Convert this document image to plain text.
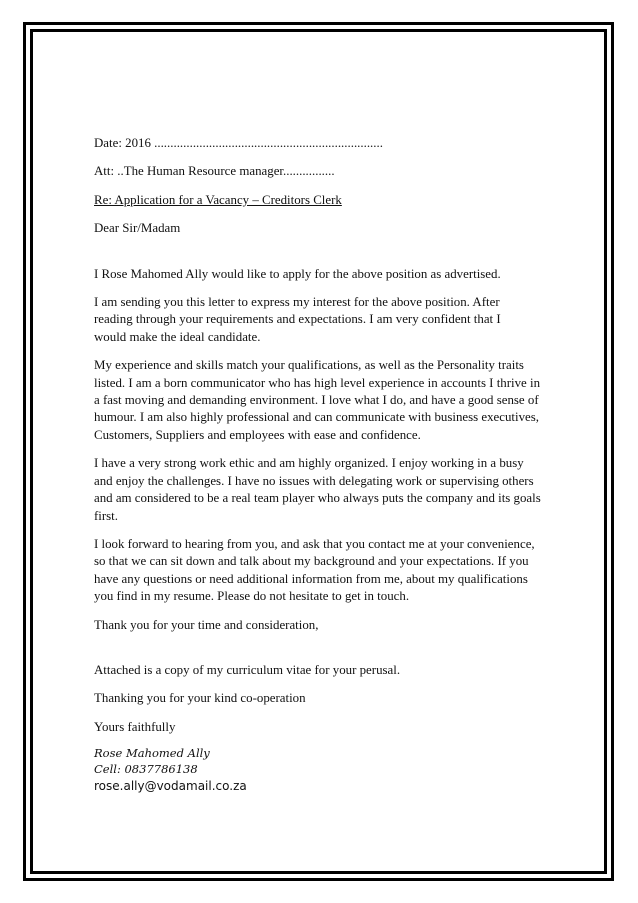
Date: 2016 .......................................................................

Att: ..The Human Resource manager................

Re: Application for a Vacancy – Creditors Clerk

Dear Sir/Madam

I Rose Mahomed Ally would like to apply for the above position as advertised.

I am sending you this letter to express my interest for the above position. After
reading through your requirements and expectations. I am very confident that I
would make the ideal candidate.

My experience and skills match your qualifications, as well as the Personality traits
listed. I am a born communicator who has high level experience in accounts I thrive in
a fast moving and demanding environment. I love what I do, and have a good sense of
humour. I am also highly professional and can communicate with business executives,
Customers, Suppliers and employees with ease and confidence.

I have a very strong work ethic and am highly organized. I enjoy working in a busy
and enjoy the challenges. I have no issues with delegating work or supervising others
and am considered to be a real team player who always puts the company and its goals
first.

I look forward to hearing from you, and ask that you contact me at your convenience,
so that we can sit down and talk about my background and your expectations. If you
have any questions or need additional information from me, about my qualifications
you find in my resume. Please do not hesitate to get in touch.

Thank you for your time and consideration,

Attached is a copy of my curriculum vitae for your perusal.

Thanking you for your kind co-operation

Yours faithfully

Rose Mahomed Ally

Cell: 0837786138

rose.ally@vodamail.co.za
